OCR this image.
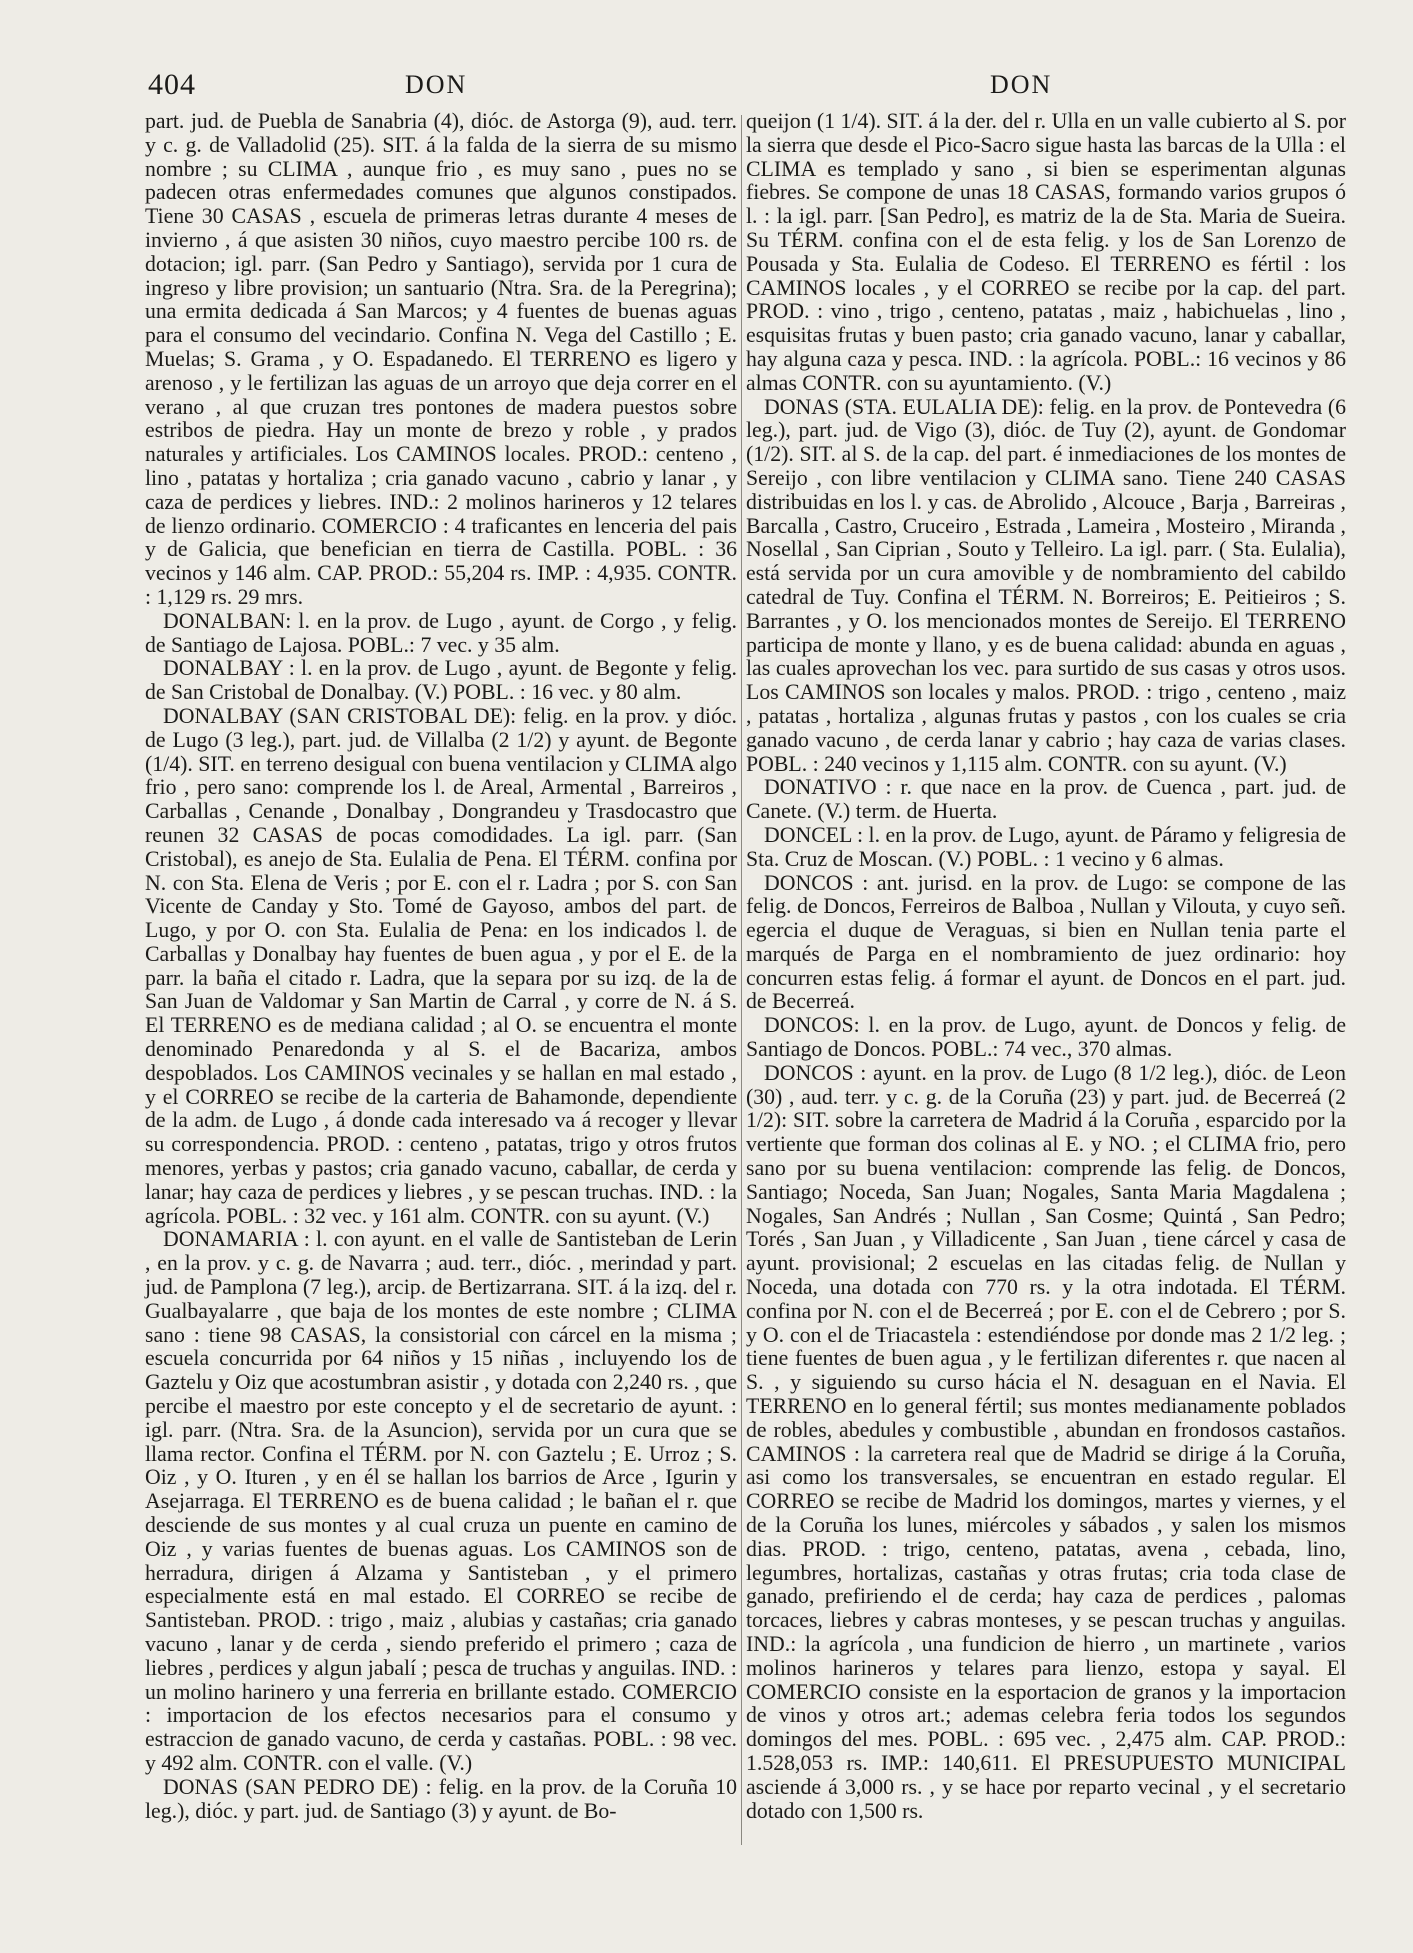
404	DON	DON

part. jud. de Puebla de Sanabria (4), dióc. de Astorga (9), aud. terr. y c. g. de Valladolid (25). SIT. á la falda de la sierra de su mismo nombre ; su CLIMA , aunque frio , es muy sano , pues no se padecen otras enfermedades comunes que algunos constipados. Tiene 30 CASAS , escuela de primeras letras durante 4 meses de invierno , á que asisten 30 niños, cuyo maestro percibe 100 rs. de dotacion; igl. parr. (San Pedro y Santiago), servida por 1 cura de ingreso y libre provision; un santuario (Ntra. Sra. de la Peregrina); una ermita dedicada á San Marcos; y 4 fuentes de buenas aguas para el consumo del vecindario. Confina N. Vega del Castillo ; E. Muelas; S. Grama , y O. Espadanedo. El TERRENO es ligero y arenoso , y le fertilizan las aguas de un arroyo que deja correr en el verano , al que cruzan tres pontones de madera puestos sobre estribos de piedra. Hay un monte de brezo y roble , y prados naturales y artificiales. Los CAMINOS locales. PROD.: centeno , lino , patatas y hortaliza ; cria ganado vacuno , cabrio y lanar , y caza de perdices y liebres. IND.: 2 molinos harineros y 12 telares de lienzo ordinario. COMERCIO : 4 traficantes en lenceria del pais y de Galicia, que benefician en tierra de Castilla. POBL. : 36 vecinos y 146 alm. CAP. PROD.: 55,204 rs. IMP. : 4,935. CONTR. : 1,129 rs. 29 mrs.

DONALBAN: l. en la prov. de Lugo , ayunt. de Corgo , y felig. de Santiago de Lajosa. POBL.: 7 vec. y 35 alm.

DONALBAY : l. en la prov. de Lugo , ayunt. de Begonte y felig. de San Cristobal de Donalbay. (V.) POBL. : 16 vec. y 80 alm.

DONALBAY (SAN CRISTOBAL DE): felig. en la prov. y dióc. de Lugo (3 leg.), part. jud. de Villalba (2 1/2) y ayunt. de Begonte (1/4). SIT. en terreno desigual con buena ventilacion y CLIMA algo frio , pero sano: comprende los l. de Areal, Armental , Barreiros , Carballas , Cenande , Donalbay , Dongrandeu y Trasdocastro que reunen 32 CASAS de pocas comodidades. La igl. parr. (San Cristobal), es anejo de Sta. Eulalia de Pena. El TÉRM. confina por N. con Sta. Elena de Veris ; por E. con el r. Ladra ; por S. con San Vicente de Canday y Sto. Tomé de Gayoso, ambos del part. de Lugo, y por O. con Sta. Eulalia de Pena: en los indicados l. de Carballas y Donalbay hay fuentes de buen agua , y por el E. de la parr. la baña el citado r. Ladra, que la separa por su izq. de la de San Juan de Valdomar y San Martin de Carral , y corre de N. á S. El TERRENO es de mediana calidad ; al O. se encuentra el monte denominado Penaredonda y al S. el de Bacariza, ambos despoblados. Los CAMINOS vecinales y se hallan en mal estado , y el CORREO se recibe de la carteria de Bahamonde, dependiente de la adm. de Lugo , á donde cada interesado va á recoger y llevar su correspondencia. PROD. : centeno , patatas, trigo y otros frutos menores, yerbas y pastos; cria ganado vacuno, caballar, de cerda y lanar; hay caza de perdices y liebres , y se pescan truchas. IND. : la agrícola. POBL. : 32 vec. y 161 alm. CONTR. con su ayunt. (V.)

DONAMARIA : l. con ayunt. en el valle de Santisteban de Lerin , en la prov. y c. g. de Navarra ; aud. terr., dióc. , merindad y part. jud. de Pamplona (7 leg.), arcip. de Bertizarrana. SIT. á la izq. del r. Gualbayalarre , que baja de los montes de este nombre ; CLIMA sano : tiene 98 CASAS, la consistorial con cárcel en la misma ; escuela concurrida por 64 niños y 15 niñas , incluyendo los de Gaztelu y Oiz que acostumbran asistir , y dotada con 2,240 rs. , que percibe el maestro por este concepto y el de secretario de ayunt. : igl. parr. (Ntra. Sra. de la Asuncion), servida por un cura que se llama rector. Confina el TÉRM. por N. con Gaztelu ; E. Urroz ; S. Oiz , y O. Ituren , y en él se hallan los barrios de Arce , Igurin y Asejarraga. El TERRENO es de buena calidad ; le bañan el r. que desciende de sus montes y al cual cruza un puente en camino de Oiz , y varias fuentes de buenas aguas. Los CAMINOS son de herradura, dirigen á Alzama y Santisteban , y el primero especialmente está en mal estado. El CORREO se recibe de Santisteban. PROD. : trigo , maiz , alubias y castañas; cria ganado vacuno , lanar y de cerda , siendo preferido el primero ; caza de liebres , perdices y algun jabalí ; pesca de truchas y anguilas. IND. : un molino harinero y una ferreria en brillante estado. COMERCIO : importacion de los efectos necesarios para el consumo y estraccion de ganado vacuno, de cerda y castañas. POBL. : 98 vec. y 492 alm. CONTR. con el valle. (V.)

DONAS (SAN PEDRO DE) : felig. en la prov. de la Coruña 10 leg.), dióc. y part. jud. de Santiago (3) y ayunt. de Bo-

queijon (1 1/4). SIT. á la der. del r. Ulla en un valle cubierto al S. por la sierra que desde el Pico-Sacro sigue hasta las barcas de la Ulla : el CLIMA es templado y sano , si bien se esperimentan algunas fiebres. Se compone de unas 18 CASAS, formando varios grupos ó l. : la igl. parr. [San Pedro], es matriz de la de Sta. Maria de Sueira. Su TÉRM. confina con el de esta felig. y los de San Lorenzo de Pousada y Sta. Eulalia de Codeso. El TERRENO es fértil : los CAMINOS locales , y el CORREO se recibe por la cap. del part. PROD. : vino , trigo , centeno, patatas , maiz , habichuelas , lino , esquisitas frutas y buen pasto; cria ganado vacuno, lanar y caballar, hay alguna caza y pesca. IND. : la agrícola. POBL.: 16 vecinos y 86 almas CONTR. con su ayuntamiento. (V.)

DONAS (STA. EULALIA DE): felig. en la prov. de Pontevedra (6 leg.), part. jud. de Vigo (3), dióc. de Tuy (2), ayunt. de Gondomar (1/2). SIT. al S. de la cap. del part. é inmediaciones de los montes de Sereijo , con libre ventilacion y CLIMA sano. Tiene 240 CASAS distribuidas en los l. y cas. de Abrolido , Alcouce , Barja , Barreiras , Barcalla , Castro, Cruceiro , Estrada , Lameira , Mosteiro , Miranda , Nosellal , San Ciprian , Souto y Telleiro. La igl. parr. ( Sta. Eulalia), está servida por un cura amovible y de nombramiento del cabildo catedral de Tuy. Confina el TÉRM. N. Borreiros; E. Peitieiros ; S. Barrantes , y O. los mencionados montes de Sereijo. El TERRENO participa de monte y llano, y es de buena calidad: abunda en aguas , las cuales aprovechan los vec. para surtido de sus casas y otros usos. Los CAMINOS son locales y malos. PROD. : trigo , centeno , maiz , patatas , hortaliza , algunas frutas y pastos , con los cuales se cria ganado vacuno , de cerda lanar y cabrio ; hay caza de varias clases. POBL. : 240 vecinos y 1,115 alm. CONTR. con su ayunt. (V.)

DONATIVO : r. que nace en la prov. de Cuenca , part. jud. de Canete. (V.) term. de Huerta.

DONCEL : l. en la prov. de Lugo, ayunt. de Páramo y feligresia de Sta. Cruz de Moscan. (V.) POBL. : 1 vecino y 6 almas.

DONCOS : ant. jurisd. en la prov. de Lugo: se compone de las felig. de Doncos, Ferreiros de Balboa , Nullan y Vilouta, y cuyo señ. egercia el duque de Veraguas, si bien en Nullan tenia parte el marqués de Parga en el nombramiento de juez ordinario: hoy concurren estas felig. á formar el ayunt. de Doncos en el part. jud. de Becerreá.

DONCOS: l. en la prov. de Lugo, ayunt. de Doncos y felig. de Santiago de Doncos. POBL.: 74 vec., 370 almas.

DONCOS : ayunt. en la prov. de Lugo (8 1/2 leg.), dióc. de Leon (30) , aud. terr. y c. g. de la Coruña (23) y part. jud. de Becerreá (2 1/2): SIT. sobre la carretera de Madrid á la Coruña , esparcido por la vertiente que forman dos colinas al E. y NO. ; el CLIMA frio, pero sano por su buena ventilacion: comprende las felig. de Doncos, Santiago; Noceda, San Juan; Nogales, Santa Maria Magdalena ; Nogales, San Andrés ; Nullan , San Cosme; Quintá , San Pedro; Torés , San Juan , y Villadicente , San Juan , tiene cárcel y casa de ayunt. provisional; 2 escuelas en las citadas felig. de Nullan y Noceda, una dotada con 770 rs. y la otra indotada. El TÉRM. confina por N. con el de Becerreá ; por E. con el de Cebrero ; por S. y O. con el de Triacastela : estendiéndose por donde mas 2 1/2 leg. ; tiene fuentes de buen agua , y le fertilizan diferentes r. que nacen al S. , y siguiendo su curso hácia el N. desaguan en el Navia. El TERRENO en lo general fértil; sus montes medianamente poblados de robles, abedules y combustible , abundan en frondosos castaños. CAMINOS : la carretera real que de Madrid se dirige á la Coruña, asi como los transversales, se encuentran en estado regular. El CORREO se recibe de Madrid los domingos, martes y viernes, y el de la Coruña los lunes, miércoles y sábados , y salen los mismos dias. PROD. : trigo, centeno, patatas, avena , cebada, lino, legumbres, hortalizas, castañas y otras frutas; cria toda clase de ganado, prefiriendo el de cerda; hay caza de perdices , palomas torcaces, liebres y cabras monteses, y se pescan truchas y anguilas. IND.: la agrícola , una fundicion de hierro , un martinete , varios molinos harineros y telares para lienzo, estopa y sayal. El COMERCIO consiste en la esportacion de granos y la importacion de vinos y otros art.; ademas celebra feria todos los segundos domingos del mes. POBL. : 695 vec. , 2,475 alm. CAP. PROD.: 1.528,053 rs. IMP.: 140,611. El PRESUPUESTO MUNICIPAL asciende á 3,000 rs. , y se hace por reparto vecinal , y el secretario dotado con 1,500 rs.
